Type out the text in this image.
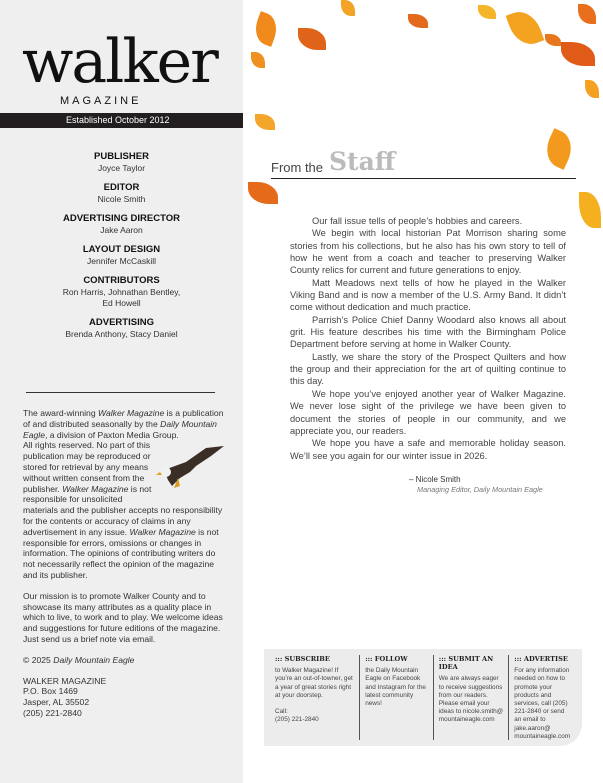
walker
MAGAZINE
Established October 2012
PUBLISHER
Joyce Taylor
EDITOR
Nicole Smith
ADVERTISING DIRECTOR
Jake Aaron
LAYOUT DESIGN
Jennifer McCaskill
CONTRIBUTORS
Ron Harris, Johnathan Bentley,
Ed Howell
ADVERTISING
Brenda Anthony, Stacy Daniel

The award-winning Walker Magazine is a publication of and distributed seasonally by the Daily Mountain Eagle, a division of Paxton Media Group.

All rights reserved. No part of this publication may be reproduced or stored for retrieval by any means without written consent from the publisher. Walker Magazine is not responsible for unsolicited materials and the publisher accepts no responsibility for the contents or accuracy of claims in any advertisement in any issue. Walker Magazine is not responsible for errors, omissions or changes in information. The opinions of contributing writers do not necessarily reflect the opinion of the magazine and its publisher.

Our mission is to promote Walker County and to showcase its many attributes as a quality place in which to live, to work and to play. We welcome ideas and suggestions for future editions of the magazine. Just send us a brief note via email.

© 2025 Daily Mountain Eagle

WALKER MAGAZINE
P.O. Box 1469
Jasper, AL 35502
(205) 221-2840
From the Staff

Our fall issue tells of people’s hobbies and careers.

We begin with local historian Pat Morrison sharing some stories from his collections, but he also has his own story to tell of how he went from a coach and teacher to preserving Walker County relics for current and future generations to enjoy.

Matt Meadows next tells of how he played in the Walker Viking Band and is now a member of the U.S. Army Band. It didn’t come without dedication and much practice.

Parrish’s Police Chief Danny Woodard also knows all about grit. His feature describes his time with the Birmingham Police Department before serving at home in Walker County.

Lastly, we share the story of the Prospect Quilters and how the group and their appreciation for the art of quilting continue to this day.

We hope you’ve enjoyed another year of Walker Magazine. We never lose sight of the privilege we have been given to document the stories of people in our community, and we appreciate you, our readers.

We hope you have a safe and memorable holiday season. We’ll see you again for our winter issue in 2026.

– Nicole Smith
Managing Editor, Daily Mountain Eagle
::: SUBSCRIBE
to Walker Magazine! If you’re an out-of-towner, get a year of great stories right at your doorstep.

Call:
(205) 221-2840
::: FOLLOW
the Daily Mountain Eagle on Facebook and Instagram for the latest community news!
::: SUBMIT AN IDEA
We are always eager to receive suggestions from our readers. Please email your ideas to nicole.smith@ mountaineagle.com
::: ADVERTISE
For any information needed on how to promote your products and services, call (205) 221-2840 or send an email to jake.aaron@ mountaineagle.com
